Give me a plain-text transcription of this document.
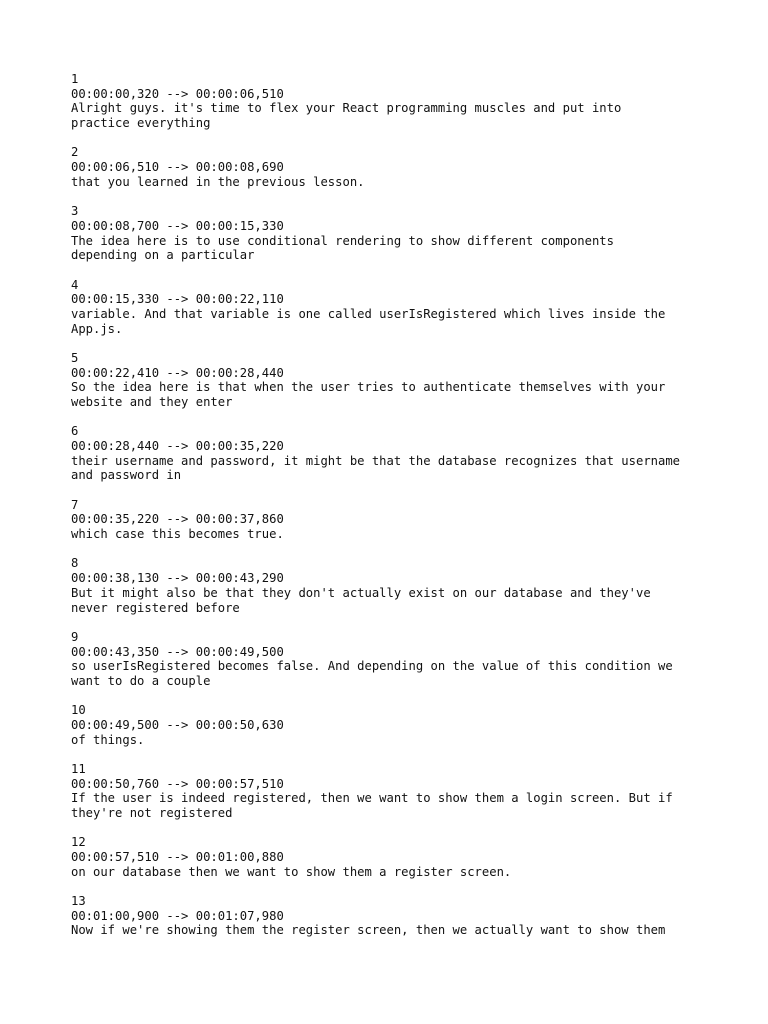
1
00:00:00,320 --> 00:00:06,510
Alright guys. it's time to flex your React programming muscles and put into
practice everything
2
00:00:06,510 --> 00:00:08,690
that you learned in the previous lesson.
3
00:00:08,700 --> 00:00:15,330
The idea here is to use conditional rendering to show different components
depending on a particular
4
00:00:15,330 --> 00:00:22,110
variable. And that variable is one called userIsRegistered which lives inside the
App.js.
5
00:00:22,410 --> 00:00:28,440
So the idea here is that when the user tries to authenticate themselves with your
website and they enter
6
00:00:28,440 --> 00:00:35,220
their username and password, it might be that the database recognizes that username
and password in
7
00:00:35,220 --> 00:00:37,860
which case this becomes true.
8
00:00:38,130 --> 00:00:43,290
But it might also be that they don't actually exist on our database and they've
never registered before
9
00:00:43,350 --> 00:00:49,500
so userIsRegistered becomes false. And depending on the value of this condition we
want to do a couple
10
00:00:49,500 --> 00:00:50,630
of things.
11
00:00:50,760 --> 00:00:57,510
If the user is indeed registered, then we want to show them a login screen. But if
they're not registered
12
00:00:57,510 --> 00:01:00,880
on our database then we want to show them a register screen.
13
00:01:00,900 --> 00:01:07,980
Now if we're showing them the register screen, then we actually want to show them
